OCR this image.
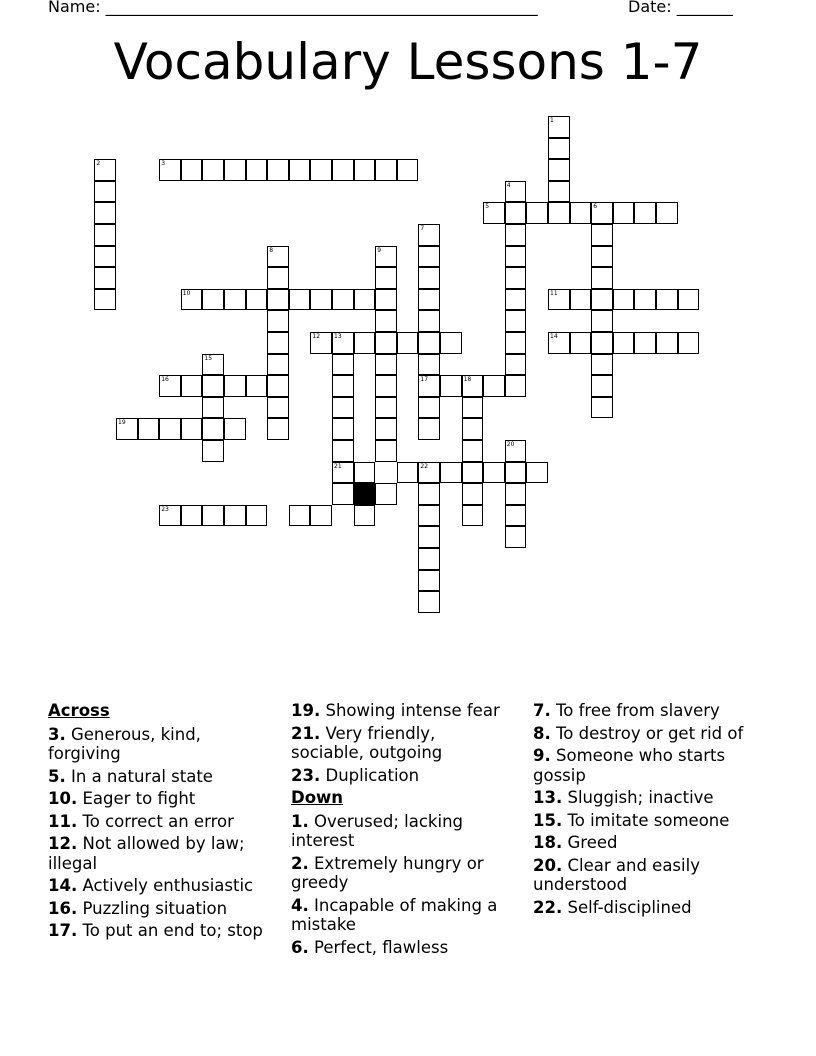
Name: ______________________________________________________	Date: _______
Vocabulary Lessons 1-7
1
2	3
4
5	6
7
8	9
10	11
12 13	14
15
16	17	18
19
20
21	22
23
Across
3. Generous, kind, forgiving
5. In a natural state
10. Eager to fight
11. To correct an error
12. Not allowed by law; illegal
14. Actively enthusiastic
16. Puzzling situation
17. To put an end to; stop
19. Showing intense fear
21. Very friendly, sociable, outgoing
23. Duplication
Down
1. Overused; lacking interest
2. Extremely hungry or greedy
4. Incapable of making a mistake
6. Perfect, flawless
7. To free from slavery
8. To destroy or get rid of
9. Someone who starts gossip
13. Sluggish; inactive
15. To imitate someone
18. Greed
20. Clear and easily understood
22. Self-disciplined
